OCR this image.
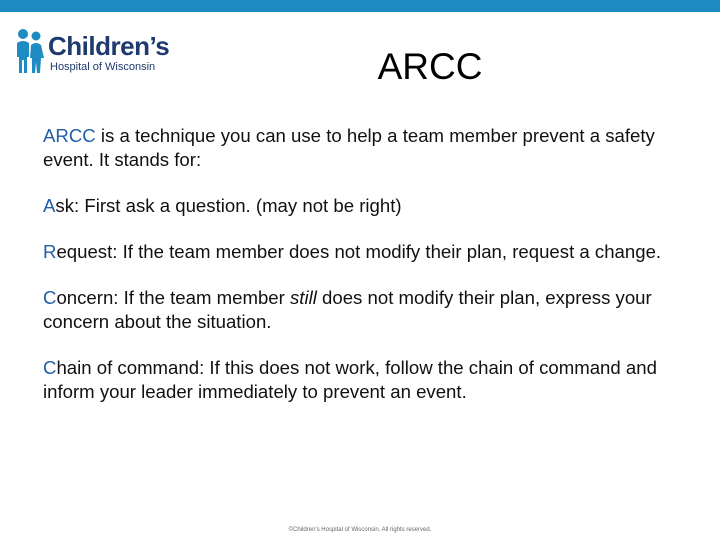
Children’s
Hospital of Wisconsin	ARCC

ARCC is a technique you can use to help a team member prevent a safety event. It stands for:

Ask: First ask a question. (may not be right)

Request: If the team member does not modify their plan, request a change.

Concern: If the team member still does not modify their plan, express your concern about the situation.

Chain of command: If this does not work, follow the chain of command and inform your leader immediately to prevent an event.

©Children’s Hospital of Wisconsin. All rights reserved.
